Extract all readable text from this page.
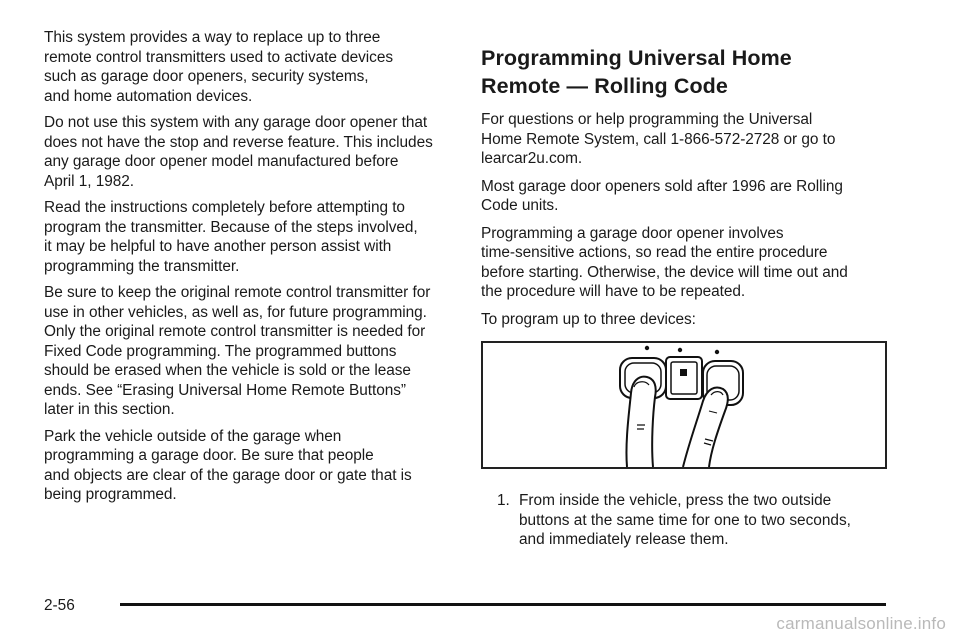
This system provides a way to replace up to three
remote control transmitters used to activate devices
such as garage door openers, security systems,
and home automation devices.

Do not use this system with any garage door opener that
does not have the stop and reverse feature. This includes
any garage door opener model manufactured before
April 1, 1982.

Read the instructions completely before attempting to
program the transmitter. Because of the steps involved,
it may be helpful to have another person assist with
programming the transmitter.

Be sure to keep the original remote control transmitter for
use in other vehicles, as well as, for future programming.
Only the original remote control transmitter is needed for
Fixed Code programming. The programmed buttons
should be erased when the vehicle is sold or the lease
ends. See “Erasing Universal Home Remote Buttons”
later in this section.

Park the vehicle outside of the garage when
programming a garage door. Be sure that people
and objects are clear of the garage door or gate that is
being programmed.

Programming Universal Home
Remote — Rolling Code

For questions or help programming the Universal
Home Remote System, call 1-866-572-2728 or go to
learcar2u.com.

Most garage door openers sold after 1996 are Rolling
Code units.

Programming a garage door opener involves
time-sensitive actions, so read the entire procedure
before starting. Otherwise, the device will time out and
the procedure will have to be repeated.

To program up to three devices:

1. From inside the vehicle, press the two outside
buttons at the same time for one to two seconds,
and immediately release them.
2-56
carmanualsonline.info
